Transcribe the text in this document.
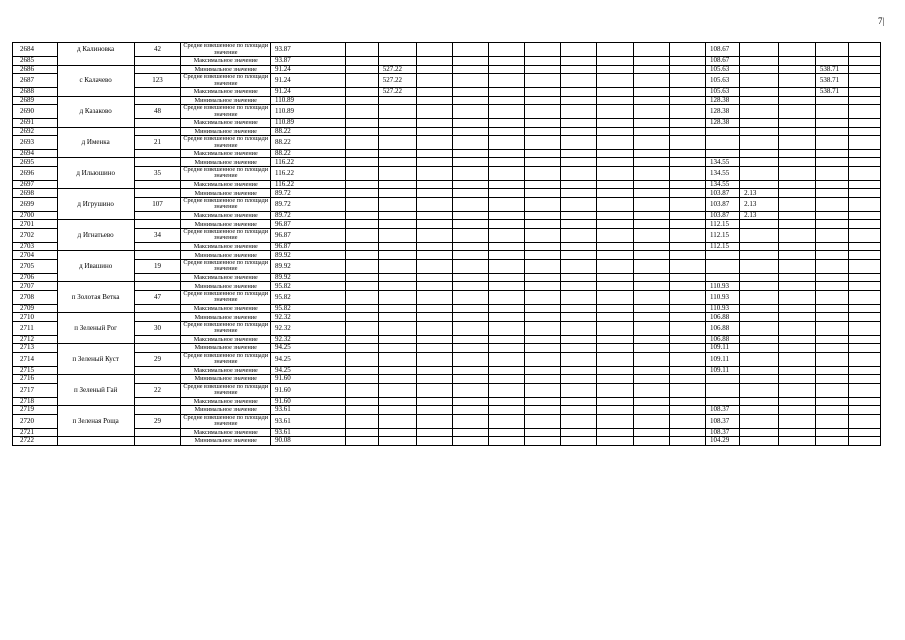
7|
2684	д Калиновка	42	Средне взвешенное по площади значение	93.87											108.67				
2685			Максимальное значение	93.87											108.67				
2686			Минимальное значение	91.24		527.22									105.63			538.71	
2687	с Калачево	123	Средне взвешенное по площади значение	91.24		527.22									105.63			538.71	
2688			Максимальное значение	91.24		527.22									105.63			538.71	
2689			Минимальное значение	110.89											128.38				
2690	д Казаково	48	Средне взвешенное по площади значение	110.89											128.38				
2691			Максимальное значение	110.89											128.38				
2692			Минимальное значение	88.22															
2693	д Именка	21	Средне взвешенное по площади значение	88.22															
2694			Максимальное значение	88.22															
2695			Минимальное значение	116.22											134.55				
2696	д Ильюшино	35	Средне взвешенное по площади значение	116.22											134.55				
2697			Максимальное значение	116.22											134.55				
2698			Минимальное значение	89.72											103.87	2.13			
2699	д Игрушино	107	Средне взвешенное по площади значение	89.72											103.87	2.13			
2700			Максимальное значение	89.72											103.87	2.13			
2701			Минимальное значение	96.87											112.15				
2702	д Игнатьево	34	Средне взвешенное по площади значение	96.87											112.15				
2703			Максимальное значение	96.87											112.15				
2704			Минимальное значение	89.92															
2705	д Ивашино	19	Средне взвешенное по площади значение	89.92															
2706			Максимальное значение	89.92															
2707			Минимальное значение	95.82											110.93				
2708	п Золотая Ветка	47	Средне взвешенное по площади значение	95.82											110.93				
2709			Максимальное значение	95.82											110.93				
2710			Минимальное значение	92.32											106.88				
2711	п Зеленый Рог	30	Средне взвешенное по площади значение	92.32											106.88				
2712			Максимальное значение	92.32											106.88				
2713			Минимальное значение	94.25											109.11				
2714	п Зеленый Куст	29	Средне взвешенное по площади значение	94.25											109.11				
2715			Максимальное значение	94.25											109.11				
2716			Минимальное значение	91.60															
2717	п Зеленый Гай	22	Средне взвешенное по площади значение	91.60															
2718			Максимальное значение	91.60															
2719			Минимальное значение	93.61											108.37				
2720	п Зеленая Роща	29	Средне взвешенное по площади значение	93.61											108.37				
2721			Максимальное значение	93.61											108.37				
2722			Минимальное значение	90.08											104.29				
